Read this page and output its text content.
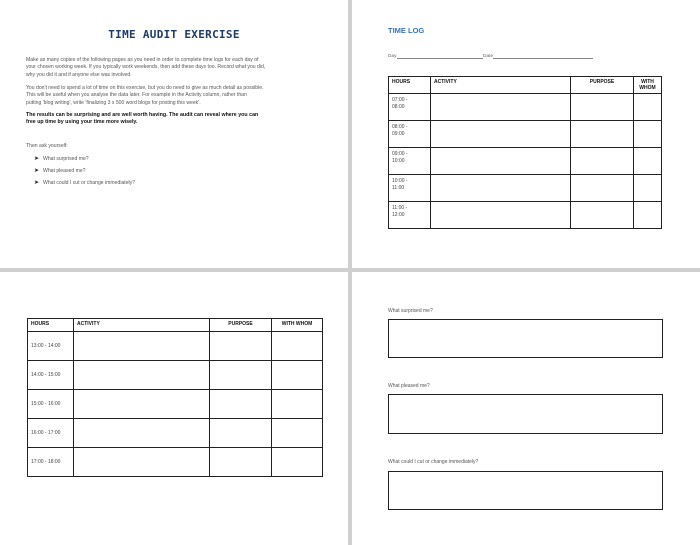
TIME AUDIT EXERCISE
Make as many copies of the following pages as you need in order to complete time logs for each day of
your chosen working week. If you typically work weekends, then add these days too. Record what you did,
why you did it and if anyone else was involved.
You don't need to spend a lot of time on this exercise, but you do need to give as much detail as possible.
This will be useful when you analyse the data later. For example in the Activity column, rather than
putting 'blog writing', write 'finalizing 3 x 500 word blogs for posting this week'.
The results can be surprising and are well worth having. The audit can reveal where you can
free up time by using your time more wisely.
Then ask yourself:
➤ What surprised me?
➤ What pleased me?
➤ What could I cut or change immediately?
TIME LOG
Day	Date
HOURS	ACTIVITY	PURPOSE	WITH WHOM

07:00 -
08:00			

08:00 -
09:00			

09:00 -
10:00			

10:00 -
11:00			

11:00 -
12:00			

HOURS	ACTIVITY	PURPOSE	WITH WHOM
13:00 - 14:00			
14:00 - 15:00			
15:00 - 16:00			
16:00 - 17:00			
17:00 - 18:00			
What surprised me?
What pleased me?
What could I cut or change immediately?
